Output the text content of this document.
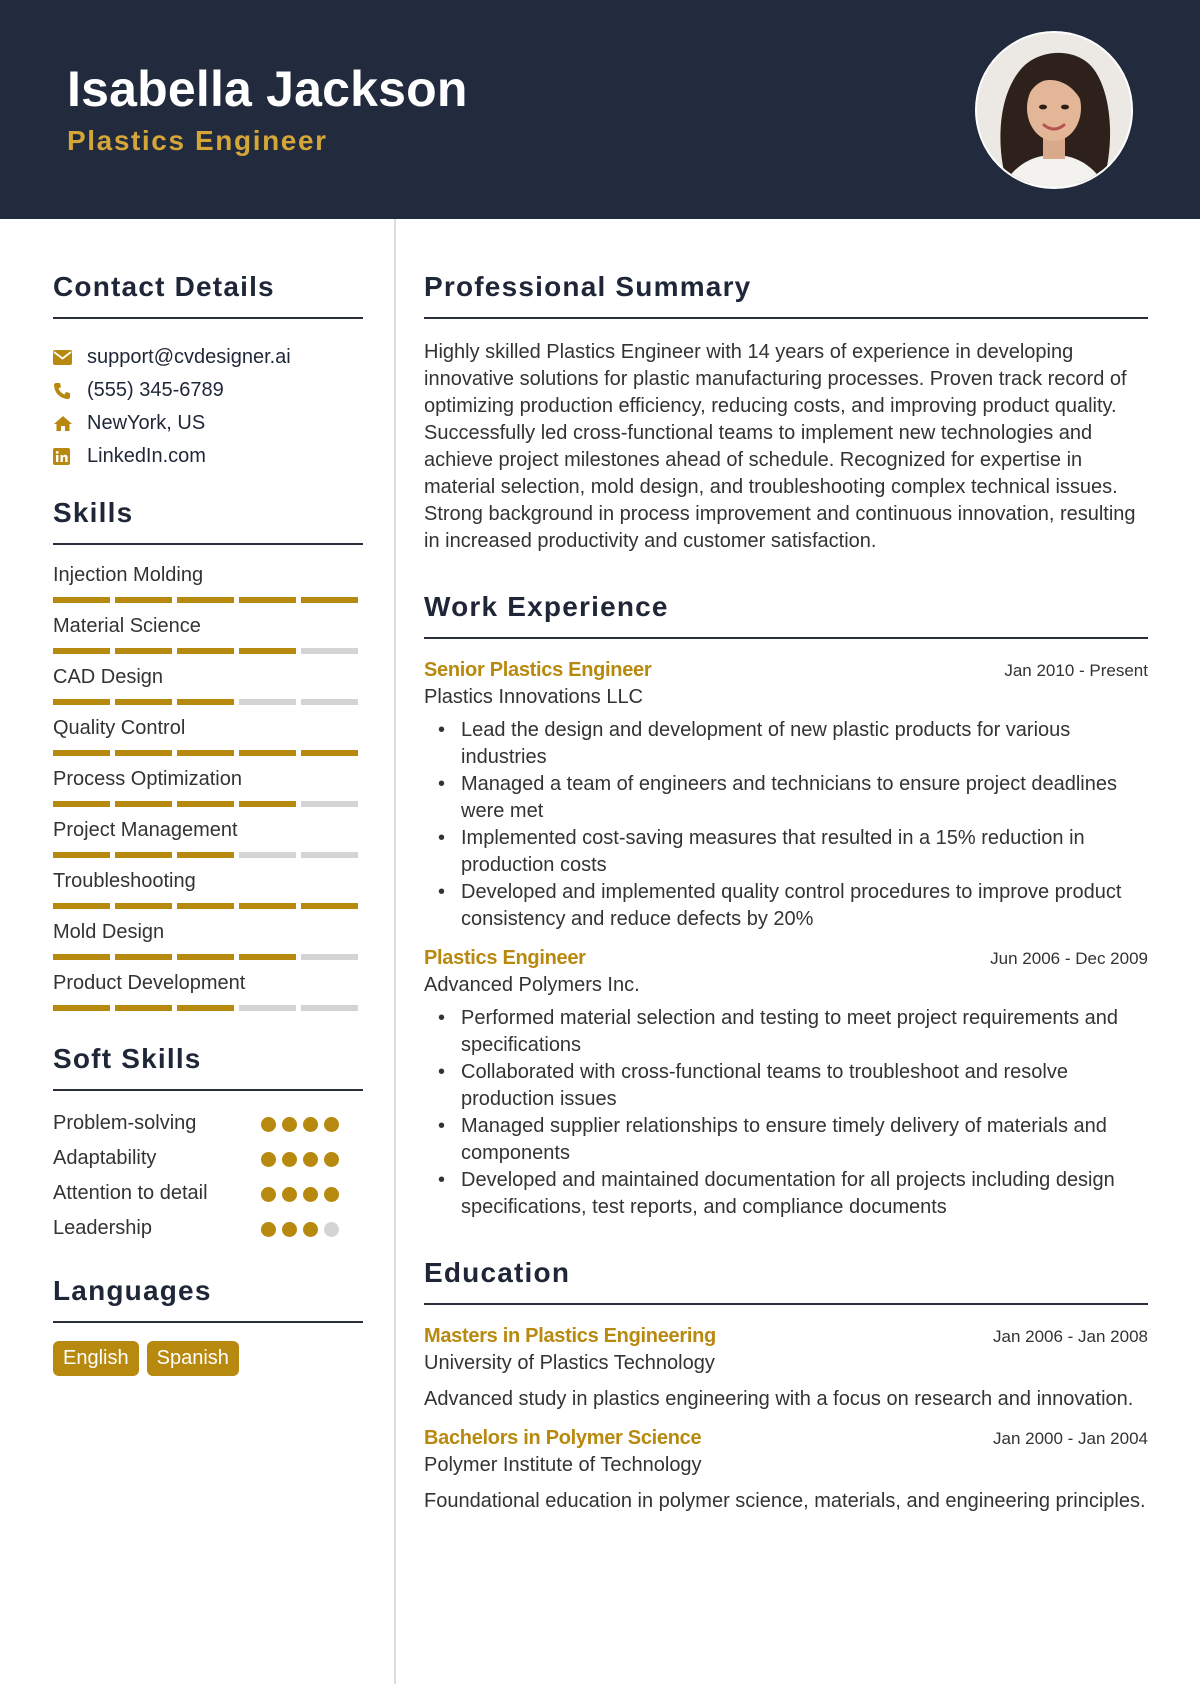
Isabella Jackson
Plastics Engineer
Contact Details
support@cvdesigner.ai
(555) 345-6789
NewYork, US
LinkedIn.com
Skills
Injection Molding
Material Science
CAD Design
Quality Control
Process Optimization
Project Management
Troubleshooting
Mold Design
Product Development
Soft Skills
Problem-solving
Adaptability
Attention to detail
Leadership
Languages
English	Spanish
Professional Summary
Highly skilled Plastics Engineer with 14 years of experience in developing innovative solutions for plastic manufacturing processes. Proven track record of optimizing production efficiency, reducing costs, and improving product quality. Successfully led cross-functional teams to implement new technologies and achieve project milestones ahead of schedule. Recognized for expertise in material selection, mold design, and troubleshooting complex technical issues. Strong background in process improvement and continuous innovation, resulting in increased productivity and customer satisfaction.
Work Experience
Senior Plastics Engineer	Jan 2010 - Present
Plastics Innovations LLC
• Lead the design and development of new plastic products for various industries
• Managed a team of engineers and technicians to ensure project deadlines were met
• Implemented cost-saving measures that resulted in a 15% reduction in production costs
• Developed and implemented quality control procedures to improve product consistency and reduce defects by 20%
Plastics Engineer	Jun 2006 - Dec 2009
Advanced Polymers Inc.
• Performed material selection and testing to meet project requirements and specifications
• Collaborated with cross-functional teams to troubleshoot and resolve production issues
• Managed supplier relationships to ensure timely delivery of materials and components
• Developed and maintained documentation for all projects including design specifications, test reports, and compliance documents
Education
Masters in Plastics Engineering	Jan 2006 - Jan 2008
University of Plastics Technology
Advanced study in plastics engineering with a focus on research and innovation.
Bachelors in Polymer Science	Jan 2000 - Jan 2004
Polymer Institute of Technology
Foundational education in polymer science, materials, and engineering principles.
